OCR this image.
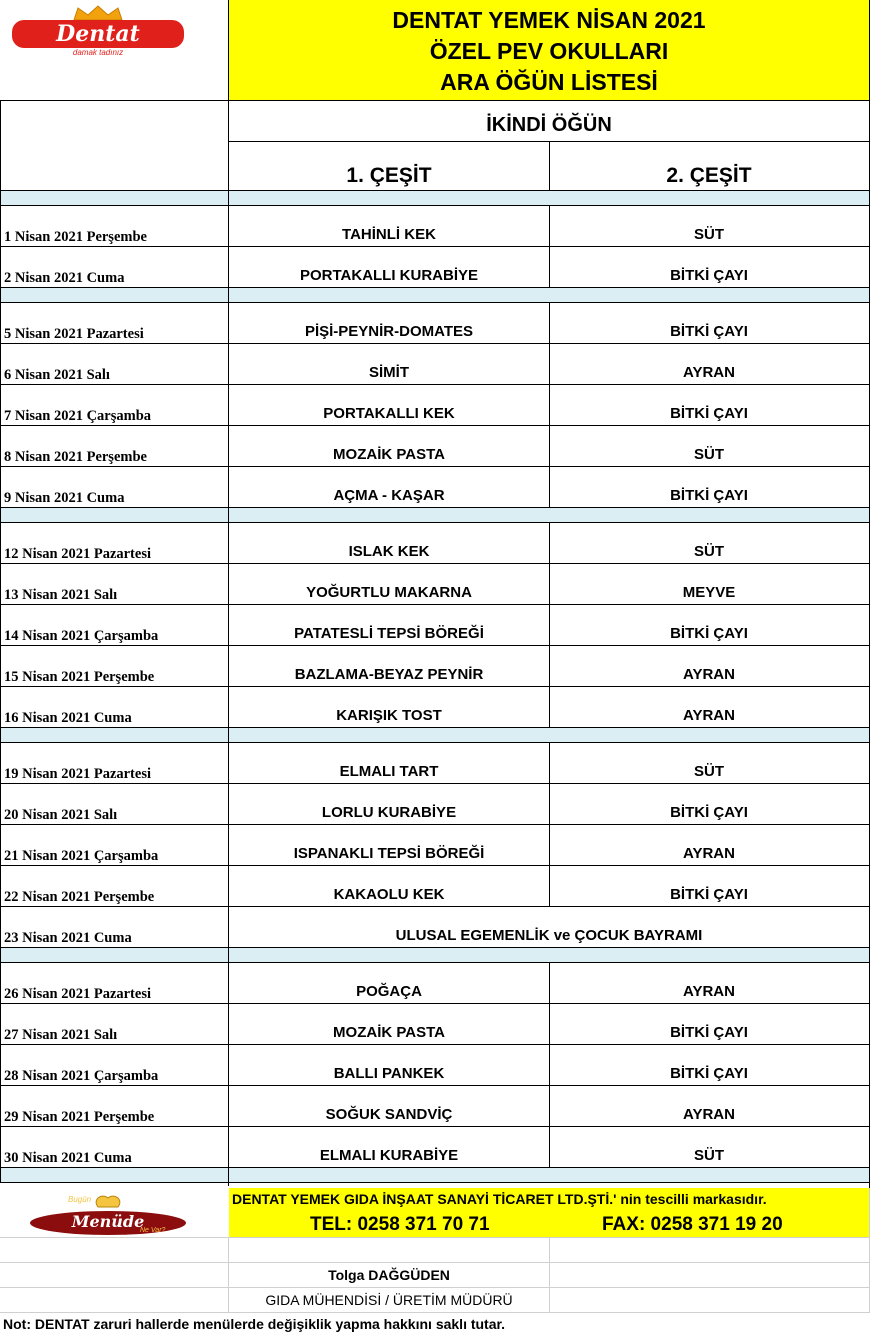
DENTAT YEMEK NİSAN 2021
ÖZEL PEV OKULLARI
ARA ÖĞÜN LİSTESİ
Dentat
damak tadınız
İKİNDİ ÖĞÜN
1. ÇEŞİT	2. ÇEŞİT
1 Nisan 2021 Perşembe	TAHİNLİ KEK	SÜT
2 Nisan 2021 Cuma	PORTAKALLI KURABİYE	BİTKİ ÇAYI
5 Nisan 2021 Pazartesi	PİŞİ-PEYNİR-DOMATES	BİTKİ ÇAYI
6 Nisan 2021 Salı	SİMİT	AYRAN
7 Nisan 2021 Çarşamba	PORTAKALLI KEK	BİTKİ ÇAYI
8 Nisan 2021 Perşembe	MOZAİK PASTA	SÜT
9 Nisan 2021 Cuma	AÇMA - KAŞAR	BİTKİ ÇAYI
12 Nisan 2021 Pazartesi	ISLAK KEK	SÜT
13 Nisan 2021 Salı	YOĞURTLU MAKARNA	MEYVE
14 Nisan 2021 Çarşamba	PATATESLİ TEPSİ BÖREĞİ	BİTKİ ÇAYI
15 Nisan 2021 Perşembe	BAZLAMA-BEYAZ PEYNİR	AYRAN
16 Nisan 2021 Cuma	KARIŞIK TOST	AYRAN
19 Nisan 2021 Pazartesi	ELMALI TART	SÜT
20 Nisan 2021 Salı	LORLU KURABİYE	BİTKİ ÇAYI
21 Nisan 2021 Çarşamba	ISPANAKLI TEPSİ BÖREĞİ	AYRAN
22 Nisan 2021 Perşembe	KAKAOLU KEK	BİTKİ ÇAYI
23 Nisan 2021 Cuma	ULUSAL EGEMENLİK ve ÇOCUK BAYRAMI
26 Nisan 2021 Pazartesi	POĞAÇA	AYRAN
27 Nisan 2021 Salı	MOZAİK PASTA	BİTKİ ÇAYI
28 Nisan 2021 Çarşamba	BALLI PANKEK	BİTKİ ÇAYI
29 Nisan 2021 Perşembe	SOĞUK SANDVİÇ	AYRAN
30 Nisan 2021 Cuma	ELMALI KURABİYE	SÜT
DENTAT YEMEK GIDA İNŞAAT SANAYİ TİCARET LTD.ŞTİ.' nin tescilli markasıdır.
TEL: 0258 371 70 71	FAX: 0258 371 19 20
Bugün
Menüde
Ne Var?
Tolga DAĞGÜDEN
GIDA MÜHENDİSİ / ÜRETİM MÜDÜRÜ
Not: DENTAT zaruri hallerde menülerde değişiklik yapma hakkını saklı tutar.
